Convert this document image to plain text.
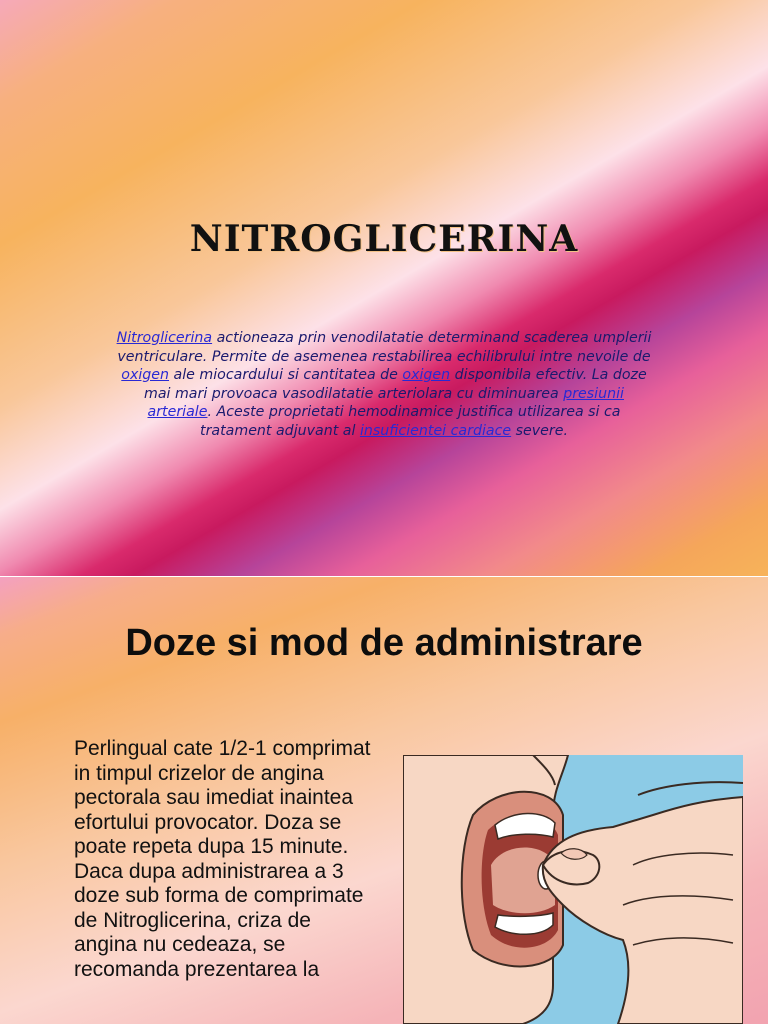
NITROGLICERINA

Nitroglicerina actioneaza prin venodilatatie determinand scaderea umplerii ventriculare. Permite de asemenea restabilirea echilibrului intre nevoile de oxigen ale miocardului si cantitatea de oxigen disponibila efectiv. La doze mai mari provoaca vasodilatatie arteriolara cu diminuarea presiunii arteriale. Aceste proprietati hemodinamice justifica utilizarea si ca tratament adjuvant al insuficientei cardiace severe.

Doze si mod de administrare

Perlingual cate 1/2-1 comprimat in timpul crizelor de angina pectorala sau imediat inaintea efortului provocator. Doza se poate repeta dupa 15 minute. Daca dupa administrarea a 3 doze sub forma de comprimate de Nitroglicerina, criza de angina nu cedeaza, se recomanda prezentarea la
